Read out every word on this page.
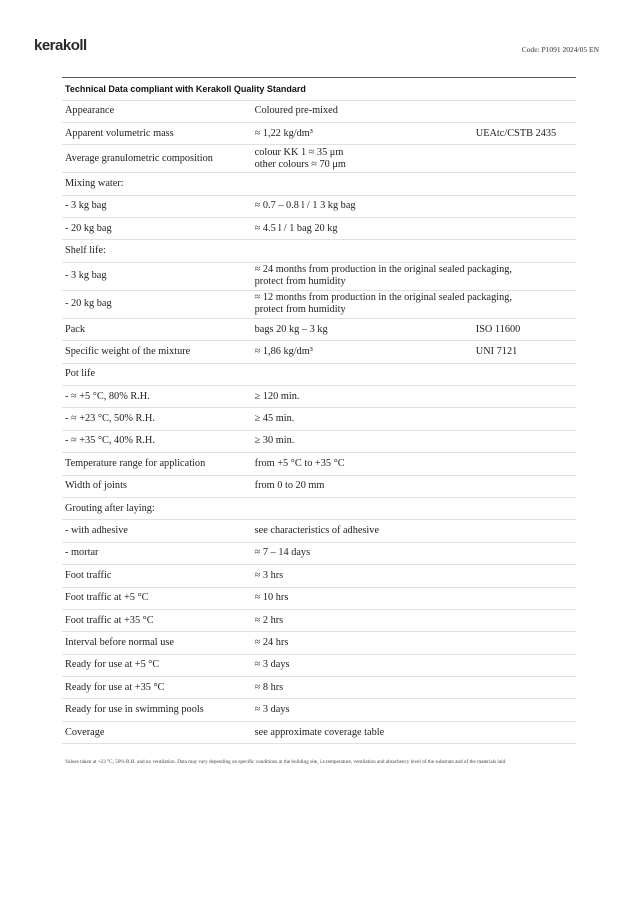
kerakoll	Code: P1091 2024/05 EN
Technical Data compliant with Kerakoll Quality Standard		
Appearance	Coloured pre-mixed	
Apparent volumetric mass	≈ 1,22 kg/dm³	UEAtc/CSTB 2435
Average granulometric composition	colour KK 1 ≈ 35 μm
other colours ≈ 70 μm	

Mixing water:		
- 3 kg bag	≈ 0.7 – 0.8 l / 1 3 kg bag	
- 20 kg bag	≈ 4.5 l / 1 bag 20 kg	
Shelf life:		
- 3 kg bag	≈ 24 months from production in the original sealed packaging,
protect from humidity	

- 20 kg bag	≈ 12 months from production in the original sealed packaging,
protect from humidity	

Pack	bags 20 kg – 3 kg	ISO 11600
Specific weight of the mixture	≈ 1,86 kg/dm³	UNI 7121
Pot life		
- ≈ +5 °C, 80% R.H.	≥ 120 min.	
- ≈ +23 °C, 50% R.H.	≥ 45 min.	
- ≈ +35 °C, 40% R.H.	≥ 30 min.	
Temperature range for application	from +5 °C to +35 °C	
Width of joints	from 0 to 20 mm	
Grouting after laying:		
- with adhesive	see characteristics of adhesive	
- mortar	≈ 7 – 14 days	
Foot traffic	≈ 3 hrs	
Foot traffic at +5 °C	≈ 10 hrs	
Foot traffic at +35 °C	≈ 2 hrs	
Interval before normal use	≈ 24 hrs	
Ready for use at +5 °C	≈ 3 days	
Ready for use at +35 °C	≈ 8 hrs	
Ready for use in swimming pools	≈ 3 days	
Coverage	see approximate coverage table	
Values taken at +23 °C, 50% R.H. and no ventilation. Data may vary depending on specific conditions at the building site, i.e.temperature, ventilation and absorbency level of the substrate and of the materials laid.
